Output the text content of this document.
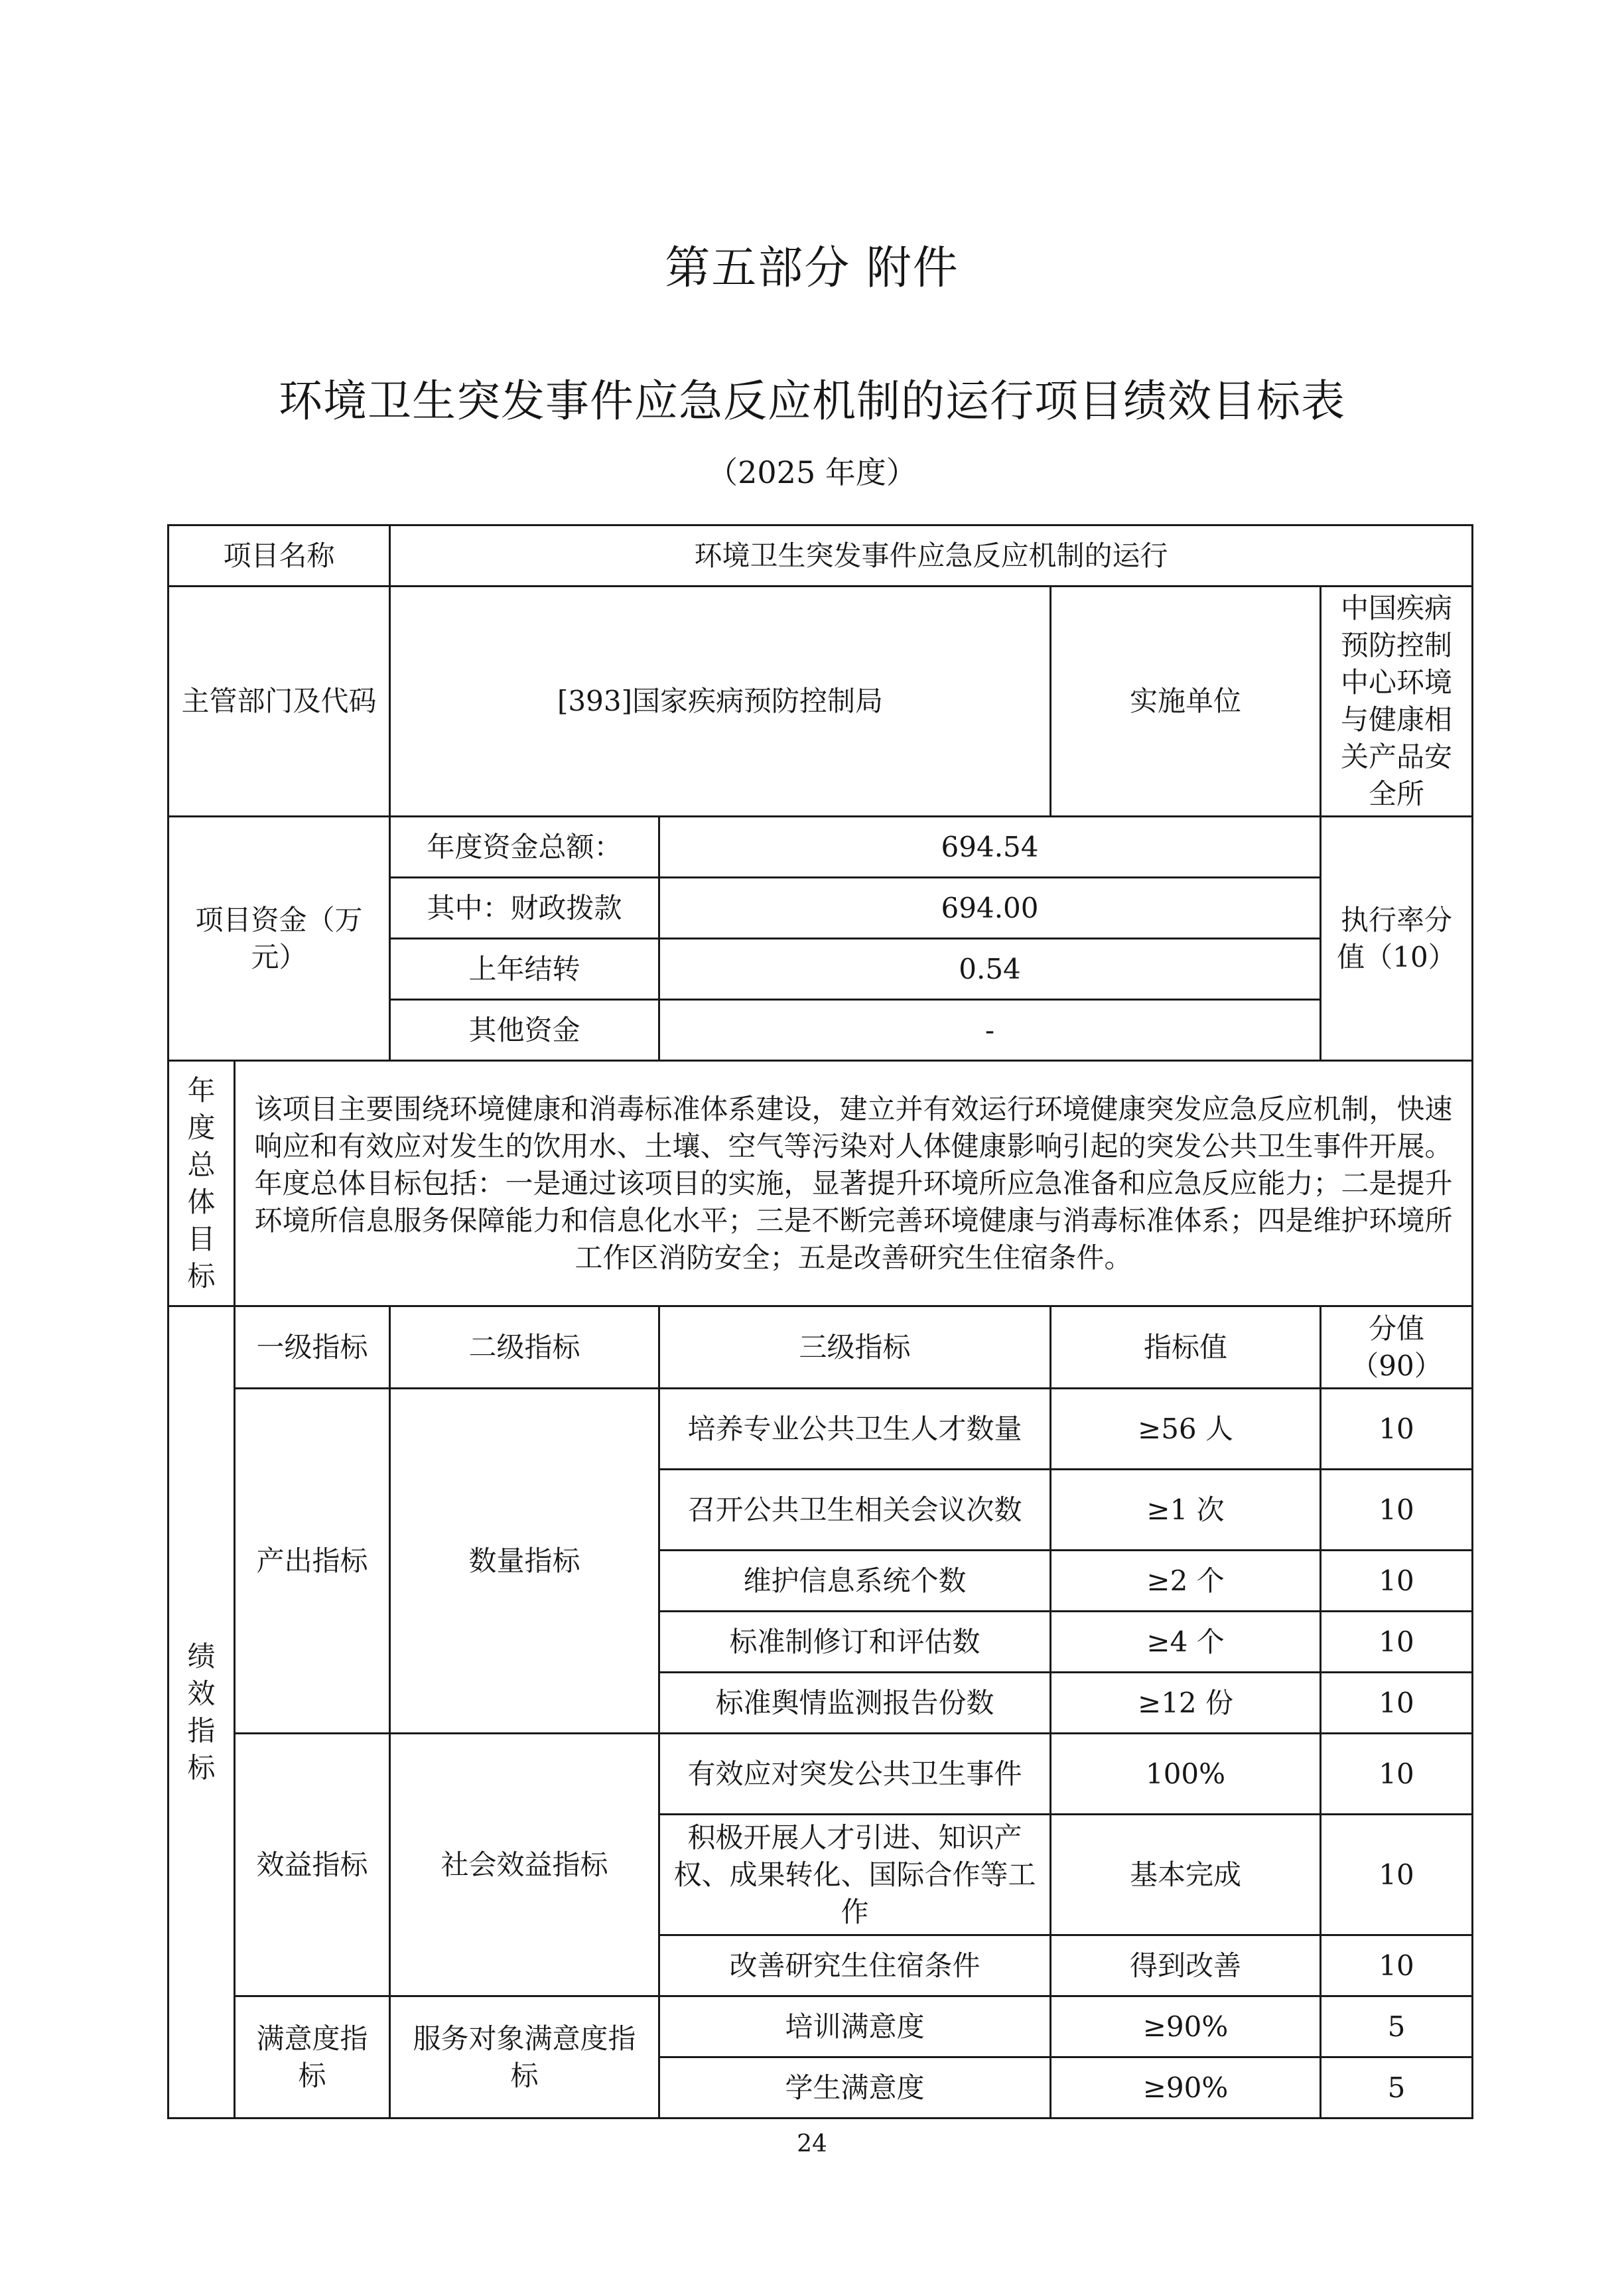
第五部分 附件
环境卫生突发事件应急反应机制的运行项目绩效目标表
（2025 年度）
项目名称		环境卫生突发事件应急反应机制的运行			
主管部门及代码		[393]国家疾病预防控制局		实施单位	中国疾病预防控制中心环境与健康相关产品安全所
项目资金（万元）		年度资金总额：	694.54		执行率分值（10）
		其中：财政拨款	694.00		
		上年结转	0.54		
		其他资金	-		
年度总体目标	该项目主要围绕环境健康和消毒标准体系建设，建立并有效运行环境健康突发应急反应机制，快速响应和有效应对发生的饮用水、土壤、空气等污染对人体健康影响引起的突发公共卫生事件开展。年度总体目标包括：一是通过该项目的实施，显著提升环境所应急准备和应急反应能力；二是提升环境所信息服务保障能力和信息化水平；三是不断完善环境健康与消毒标准体系；四是维护环境所工作区消防安全；五是改善研究生住宿条件。				
绩效指标	一级指标	二级指标	三级指标	指标值	分值（90）
	产出指标	数量指标	培养专业公共卫生人才数量	≥56 人	10
			召开公共卫生相关会议次数	≥1 次	10
			维护信息系统个数	≥2 个	10
			标准制修订和评估数	≥4 个	10
			标准舆情监测报告份数	≥12 份	10
	效益指标	社会效益指标	有效应对突发公共卫生事件	100%	10
			积极开展人才引进、知识产权、成果转化、国际合作等工作	基本完成	10
			改善研究生住宿条件	得到改善	10
	满意度指标	服务对象满意度指标	培训满意度	≥90%	5
			学生满意度	≥90%	5
24
